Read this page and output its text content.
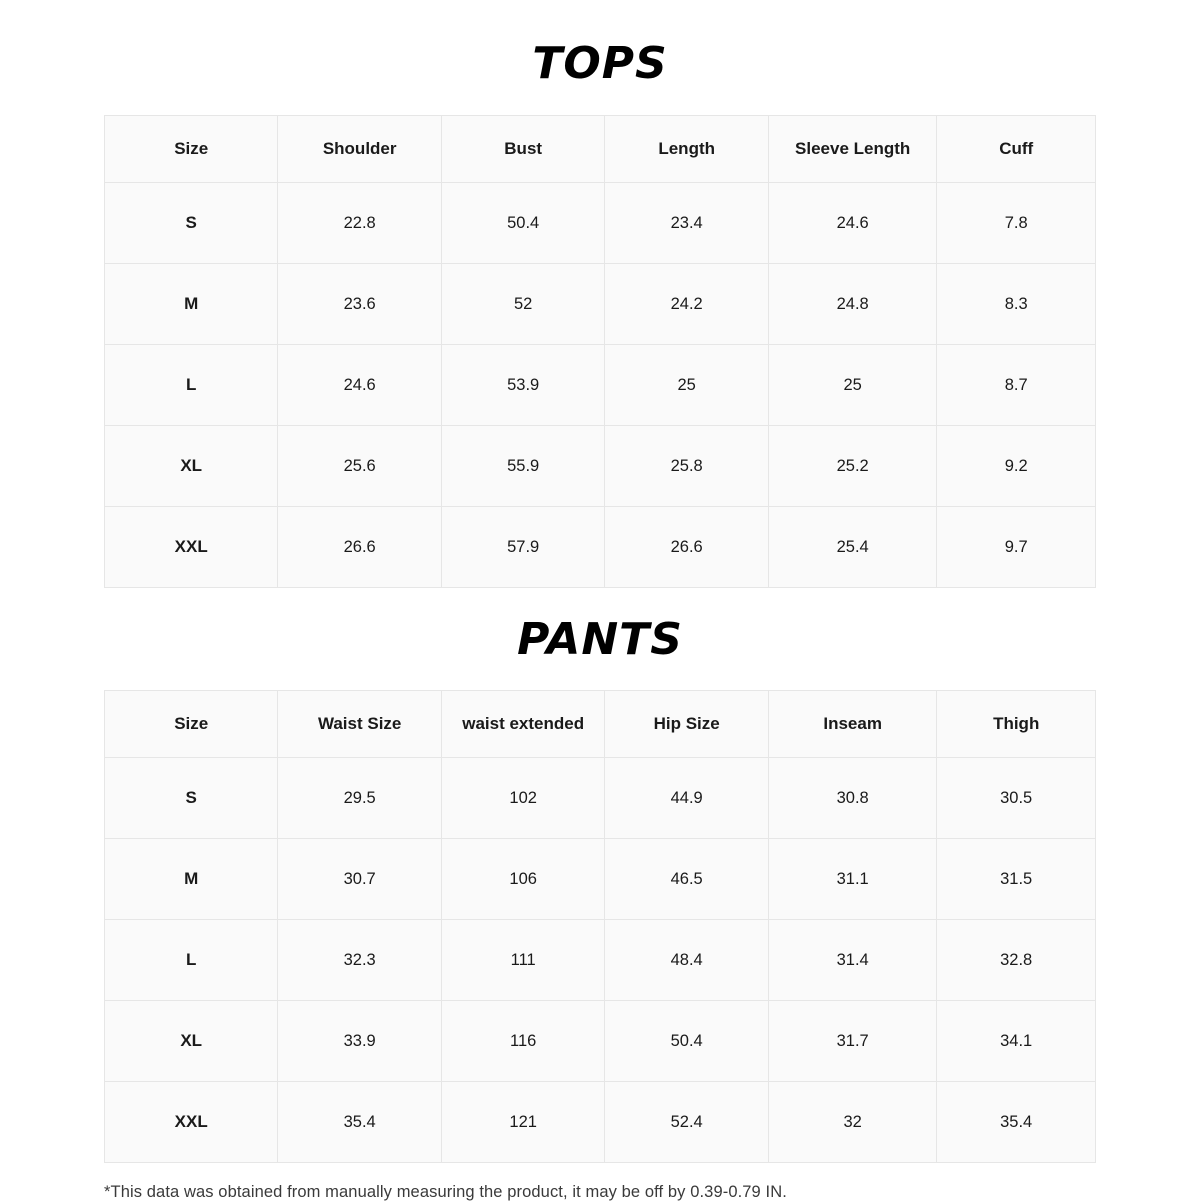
TOPS
Size	Shoulder	Bust	Length	Sleeve Length	Cuff
S	22.8	50.4	23.4	24.6	7.8
M	23.6	52	24.2	24.8	8.3
L	24.6	53.9	25	25	8.7
XL	25.6	55.9	25.8	25.2	9.2
XXL	26.6	57.9	26.6	25.4	9.7
PANTS
Size	Waist Size	waist extended	Hip Size	Inseam	Thigh
S	29.5	102	44.9	30.8	30.5
M	30.7	106	46.5	31.1	31.5
L	32.3	111	48.4	31.4	32.8
XL	33.9	116	50.4	31.7	34.1
XXL	35.4	121	52.4	32	35.4
*This data was obtained from manually measuring the product, it may be off by 0.39-0.79 IN.
